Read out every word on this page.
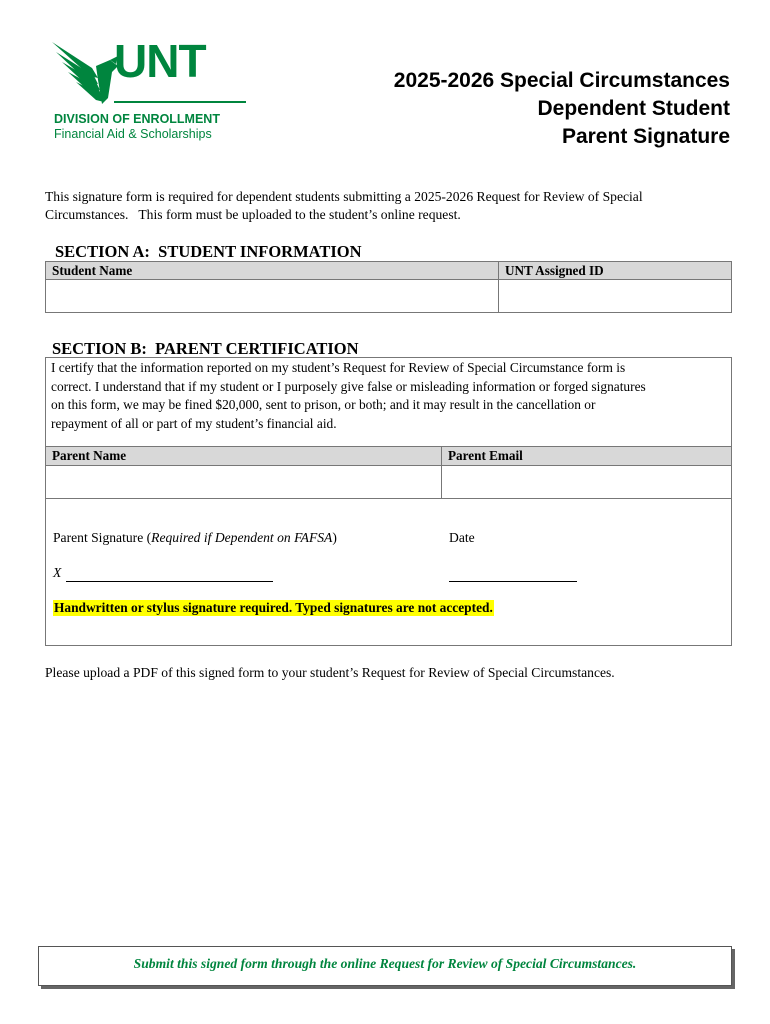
UNT
DIVISION OF ENROLLMENT
Financial Aid & Scholarships
2025-2026 Special Circumstances
Dependent Student
Parent Signature
This signature form is required for dependent students submitting a 2025-2026 Request for Review of Special
Circumstances.   This form must be uploaded to the student’s online request.
SECTION A:  STUDENT INFORMATION
Student Name	UNT Assigned ID
SECTION B:  PARENT CERTIFICATION
I certify that the information reported on my student’s Request for Review of Special Circumstance form is
correct. I understand that if my student or I purposely give false or misleading information or forged signatures
on this form, we may be fined $20,000, sent to prison, or both; and it may result in the cancellation or
repayment of all or part of my student’s financial aid.
Parent Name	Parent Email
Parent Signature (Required if Dependent on FAFSA)	Date
X
Handwritten or stylus signature required. Typed signatures are not accepted.
Please upload a PDF of this signed form to your student’s Request for Review of Special Circumstances.
Submit this signed form through the online Request for Review of Special Circumstances.
